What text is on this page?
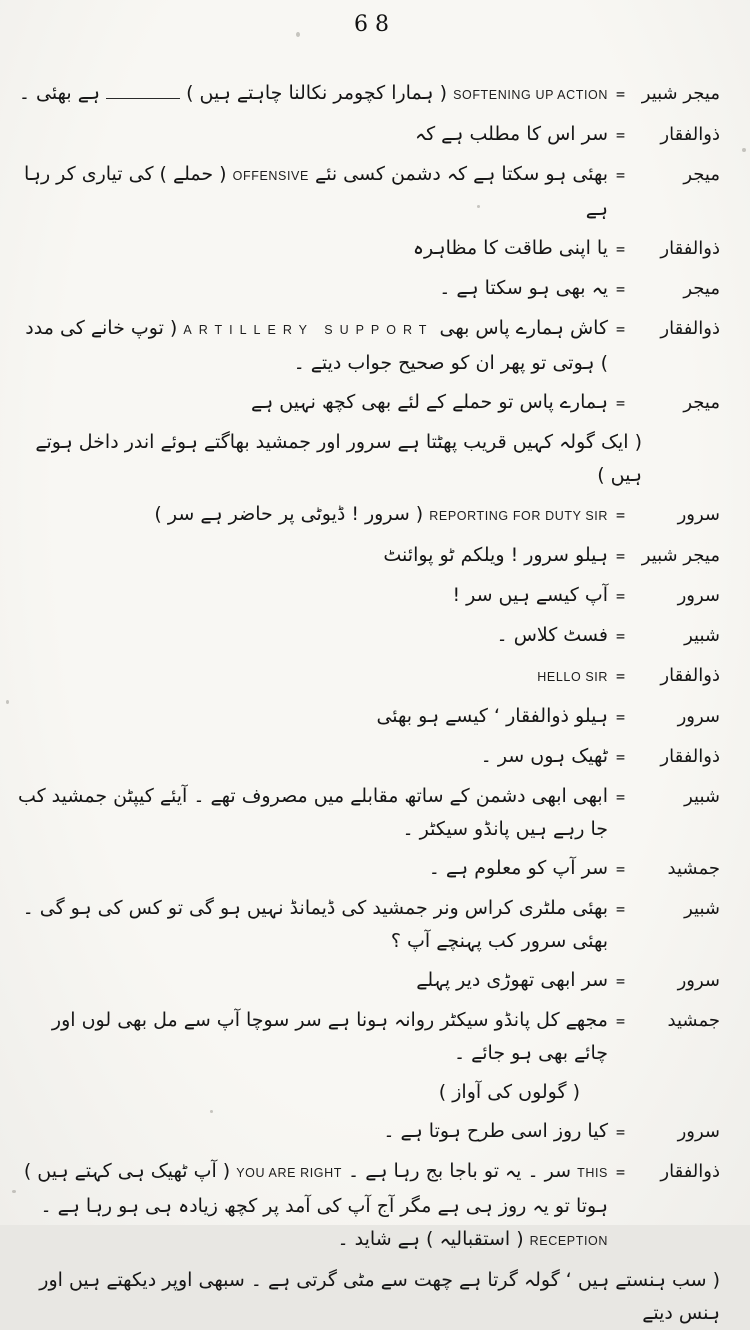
68
میجر شبیر
=
SOFTENING UP ACTION ( ہمارا کچومر نکالنا چاہتے ہیں )  ہے بھئی ۔
ذوالفقار
=
سر اس کا مطلب ہے کہ
میجر
=
بھئی ہو سکتا ہے کہ دشمن کسی نئے OFFENSIVE ( حملے ) کی تیاری کر رہا ہے
ذوالفقار
=
یا اپنی طاقت کا مظاہرہ
میجر
=
یہ بھی ہو سکتا ہے ۔
ذوالفقار
=
کاش ہمارے پاس بھی ARTILLERY SUPPORT ( توپ خانے کی مدد ) ہوتی تو پھر ان کو صحیح جواب دیتے ۔
میجر
=
ہمارے پاس تو حملے کے لئے بھی کچھ نہیں ہے
( ایک گولہ کہیں قریب پھٹتا ہے سرور اور جمشید بھاگتے ہوئے اندر داخل ہوتے ہیں )
سرور
=
REPORTING FOR DUTY SIR ( سرور ! ڈیوٹی پر حاضر ہے سر )
میجر شبیر
=
ہیلو سرور ! ویلکم ٹو پوائنٹ
سرور
=
آپ کیسے ہیں سر !
شبیر
=
فسٹ کلاس ۔
ذوالفقار
=
HELLO SIR
سرور
=
ہیلو ذوالفقار ‘ کیسے ہو بھئی
ذوالفقار
=
ٹھیک ہوں سر ۔
شبیر
=
ابھی ابھی دشمن کے ساتھ مقابلے میں مصروف تھے ۔ آیئے کیپٹن جمشید کب جا رہے ہیں پانڈو سیکٹر ۔
جمشید
=
سر آپ کو معلوم ہے ۔
شبیر
=
بھئی ملٹری کراس ونر جمشید کی ڈیمانڈ نہیں ہو گی تو کس کی ہو گی ۔ بھئی سرور کب پہنچے آپ ؟
سرور
=
سر ابھی تھوڑی دیر پہلے
جمشید
=
مجھے کل پانڈو سیکٹر روانہ ہونا ہے سر سوچا آپ سے مل بھی لوں اور چائے بھی ہو جائے ۔
( گولوں کی آواز )
سرور
=
کیا روز اسی طرح ہوتا ہے ۔
ذوالفقار
=
THIS سر ۔ یہ تو باجا بج رہا ہے ۔ YOU ARE RIGHT ( آپ ٹھیک ہی کہتے ہیں ) ہوتا تو یہ روز ہی ہے مگر آج آپ کی آمد پر کچھ زیادہ ہی ہو رہا ہے ۔ RECEPTION ( استقبالیہ ) ہے شاید ۔
( سب ہنستے ہیں ‘ گولہ گرتا ہے چھت سے مٹی گرتی ہے ۔ سبھی اوپر دیکھتے ہیں اور ہنس دیتے
